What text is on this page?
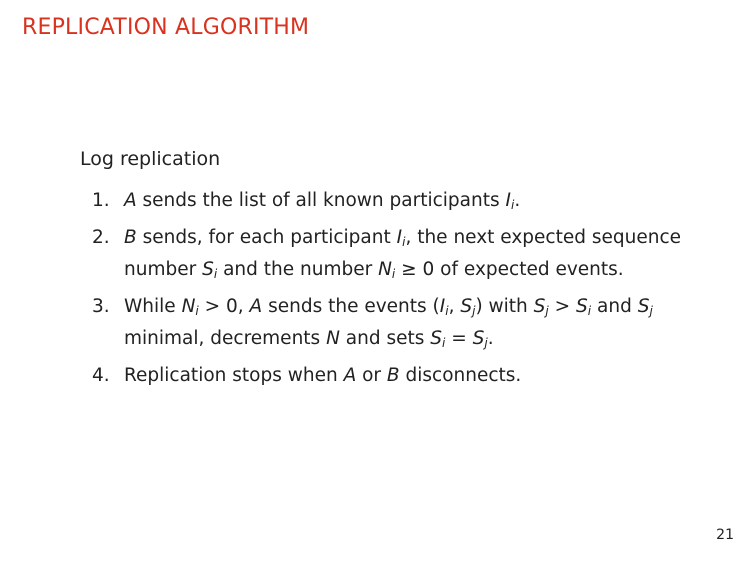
REPLICATION ALGORITHM
Log replication
1. A sends the list of all known participants $I_i$.
2. B sends, for each participant $I_i$, the next expected sequence number $S_i$ and the number $N_i \ge 0$ of expected events.
3. While $N_i > 0$, A sends the events ($I_i$, $S_j$) with $S_j > S_i$ and $S_j$ minimal, decrements N and sets $S_i = S_j$.
4. Replication stops when A or B disconnects.
21
